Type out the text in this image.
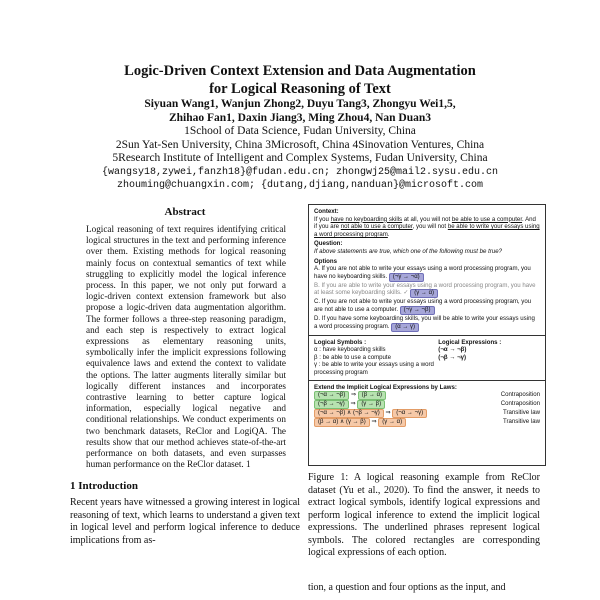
Logic-Driven Context Extension and Data Augmentation
for Logical Reasoning of Text
Siyuan Wang1, Wanjun Zhong2, Duyu Tang3, Zhongyu Wei1,5,
Zhihao Fan1, Daxin Jiang3, Ming Zhou4, Nan Duan3
1School of Data Science, Fudan University, China
2Sun Yat-Sen University, China 3Microsoft, China 4Sinovation Ventures, China
5Research Institute of Intelligent and Complex Systems, Fudan University, China
{wangsy18,zywei,fanzh18}@fudan.edu.cn; zhongwj25@mail2.sysu.edu.cn
zhouming@chuangxin.com; {dutang,djiang,nanduan}@microsoft.com
Abstract
Logical reasoning of text requires identifying critical logical structures in the text and performing inference over them. Existing methods for logical reasoning mainly focus on contextual semantics of text while struggling to explicitly model the logical inference process. In this paper, we not only put forward a logic-driven context extension framework but also propose a logic-driven data augmentation algorithm. The former follows a three-step reasoning paradigm, and each step is respectively to extract logical expressions as elementary reasoning units, symbolically infer the implicit expressions following equivalence laws and extend the context to validate the options. The latter augments literally similar but logically different instances and incorporates contrastive learning to better capture logical information, especially logical negative and conditional relationships. We conduct experiments on two benchmark datasets, ReClor and LogiQA. The results show that our method achieves state-of-the-art performance on both datasets, and even surpasses human performance on the ReClor dataset. 1
1 Introduction
Recent years have witnessed a growing interest in logical reasoning of text, which learns to understand a given text in logical level and perform logical inference to deduce implications from as-
Context:
If you have no keyboarding skills at all, you will not be able to use a computer. And if you are not able to use a computer, you will not be able to write your essays using a word processing program.
Question:
If above statements are true, which one of the following must be true?
Options
A. If you are not able to write your essays using a word processing program, you have no keyboarding skills. (¬γ → ¬α)
B. If you are able to write your essays using a word processing program, you have at least some keyboarding skills. ✓ (γ → α)
C. If you are not able to write your essays using a word processing program, you are not able to use a computer. (¬γ → ¬β)
D. If you have some keyboarding skills, you will be able to write your essays using a word processing program. (α → γ)
Logical Symbols :
α : have keyboarding skills
β : be able to use a compute
γ : be able to write your essays using a word processing program
Logical Expressions :
(¬α → ¬β)
(¬β → ¬γ)
Extend the Implicit Logical Expressions by Laws:
(¬α → ¬β) ⇒ (β → α)	Contraposition
(¬β → ¬γ) ⇒ (γ → β)	Contraposition
(¬α → ¬β) ∧ (¬β → ¬γ) ⇒ (¬α → ¬γ)	Transitive law
(β → α) ∧ (γ → β) ⇒ (γ → α)	Transitive law
Figure 1: A logical reasoning example from ReClor dataset (Yu et al., 2020). To find the answer, it needs to extract logical symbols, identify logical expressions and perform logical inference to extend the implicit logical expressions. The underlined phrases represent logical symbols. The colored rectangles are corresponding logical expressions of each option.
tion, a question and four options as the input, and
